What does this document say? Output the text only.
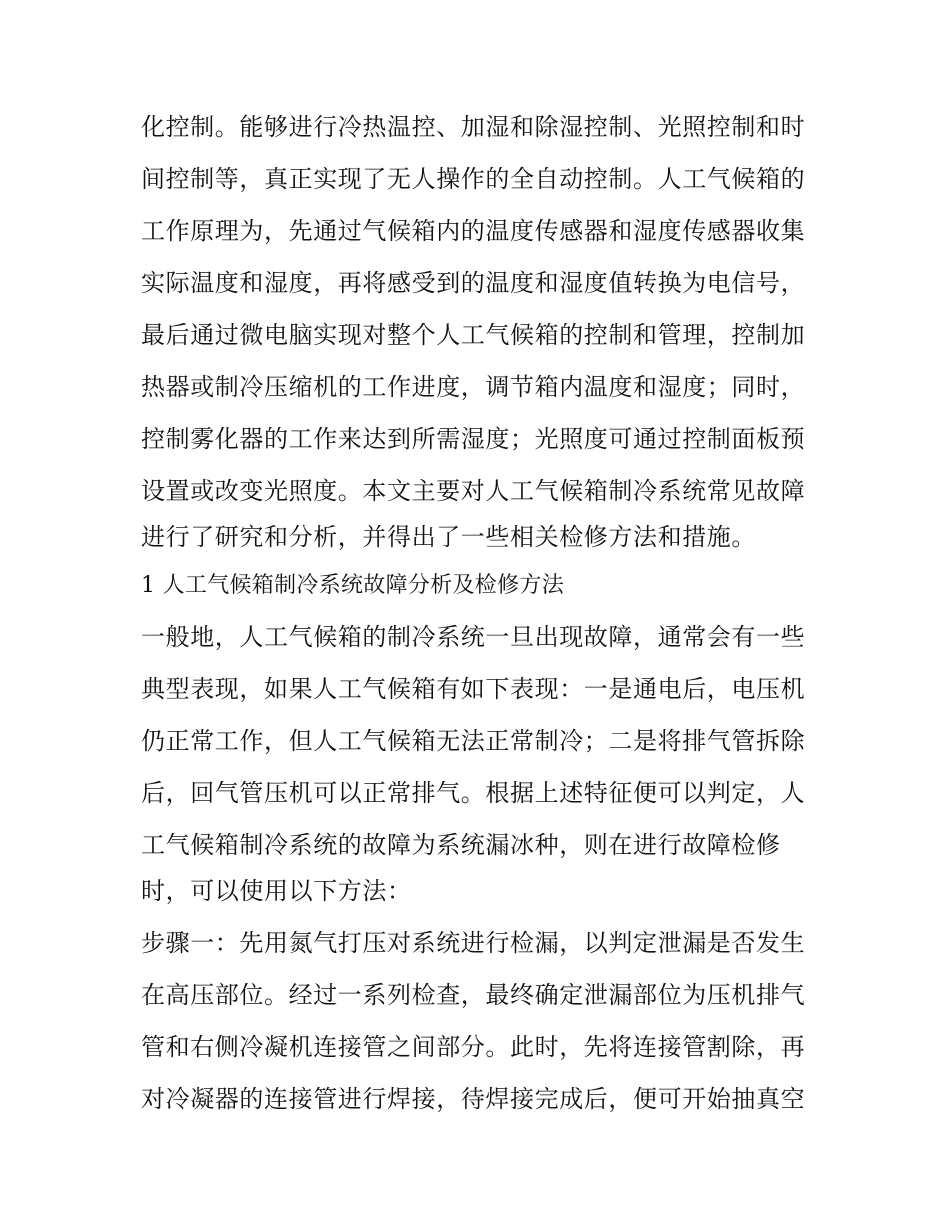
化控制。能够进行冷热温控、加湿和除湿控制、光照控制和时
间控制等，真正实现了无人操作的全自动控制。人工气候箱的
工作原理为，先通过气候箱内的温度传感器和湿度传感器收集
实际温度和湿度，再将感受到的温度和湿度值转换为电信号，
最后通过微电脑实现对整个人工气候箱的控制和管理，控制加
热器或制冷压缩机的工作进度，调节箱内温度和湿度；同时，
控制雾化器的工作来达到所需湿度；光照度可通过控制面板预
设置或改变光照度。本文主要对人工气候箱制冷系统常见故障
进行了研究和分析，并得出了一些相关检修方法和措施。
1 人工气候箱制冷系统故障分析及检修方法
一般地，人工气候箱的制冷系统一旦出现故障，通常会有一些
典型表现，如果人工气候箱有如下表现：一是通电后，电压机
仍正常工作，但人工气候箱无法正常制冷；二是将排气管拆除
后，回气管压机可以正常排气。根据上述特征便可以判定，人
工气候箱制冷系统的故障为系统漏冰种，则在进行故障检修
时，可以使用以下方法：
步骤一：先用氮气打压对系统进行检漏，以判定泄漏是否发生
在高压部位。经过一系列检查，最终确定泄漏部位为压机排气
管和右侧冷凝机连接管之间部分。此时，先将连接管割除，再
对冷凝器的连接管进行焊接，待焊接完成后，便可开始抽真空
